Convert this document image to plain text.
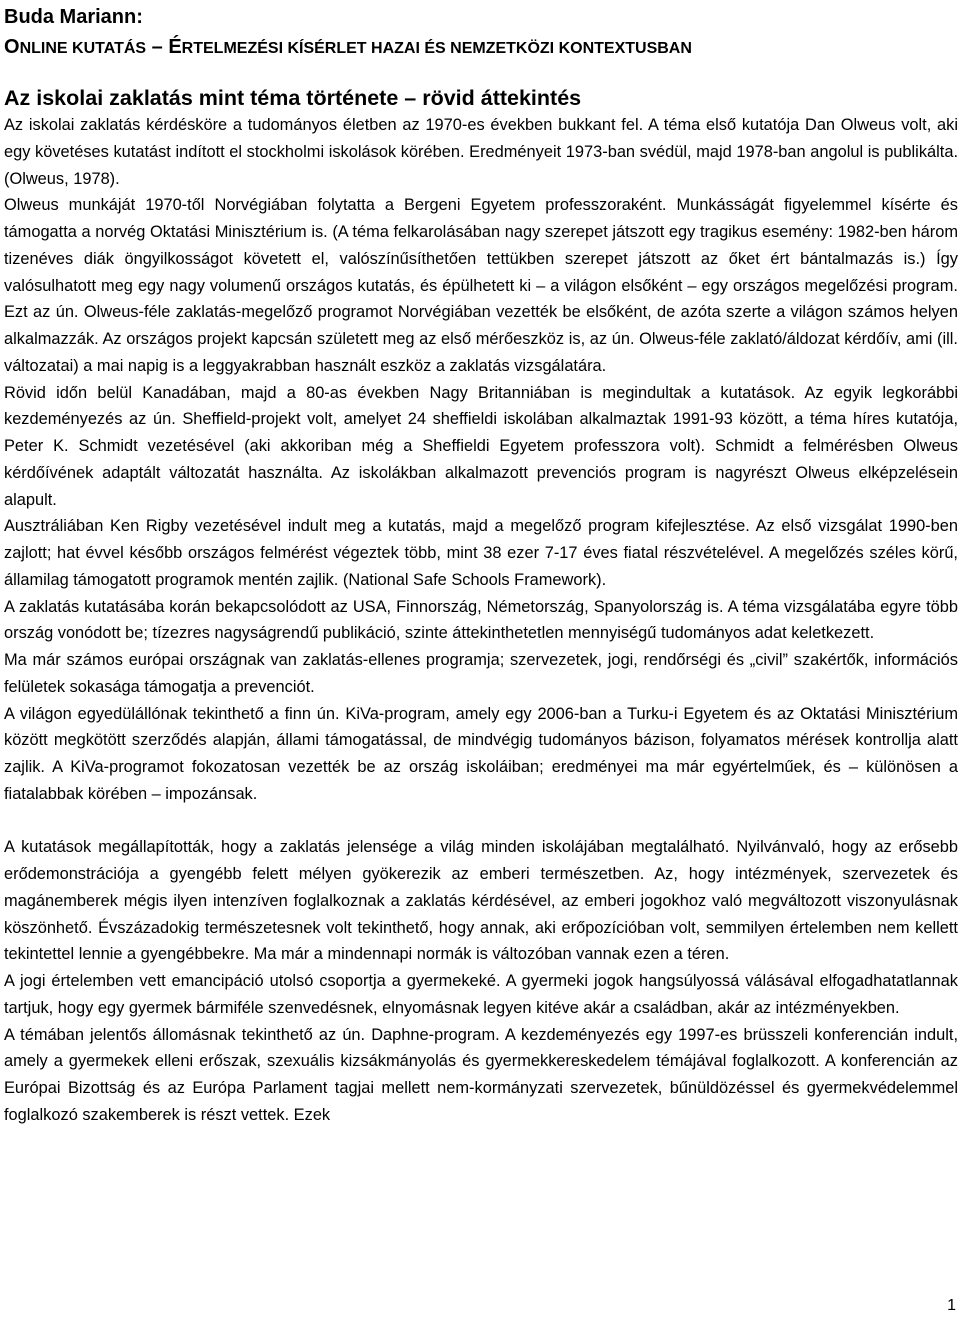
Buda Mariann:
ONLINE KUTATÁS – ÉRTELMEZÉSI KÍSÉRLET HAZAI ÉS NEMZETKÖZI KONTEXTUSBAN
Az iskolai zaklatás mint téma története – rövid áttekintés

Az iskolai zaklatás kérdésköre a tudományos életben az 1970-es években bukkant fel. A téma első kutatója Dan Olweus volt, aki egy követéses kutatást indított el stockholmi iskolások körében. Eredményeit 1973-ban svédül, majd 1978-ban angolul is publikálta. (Olweus, 1978).

Olweus munkáját 1970-től Norvégiában folytatta a Bergeni Egyetem professzoraként. Munkásságát figyelemmel kísérte és támogatta a norvég Oktatási Minisztérium is. (A téma felkarolásában nagy szerepet játszott egy tragikus esemény: 1982-ben három tizenéves diák öngyilkosságot követett el, valószínűsíthetően tettükben szerepet játszott az őket ért bántalmazás is.) Így valósulhatott meg egy nagy volumenű országos kutatás, és épülhetett ki – a világon elsőként – egy országos megelőzési program. Ezt az ún. Olweus-féle zaklatás-megelőző programot Norvégiában vezették be elsőként, de azóta szerte a világon számos helyen alkalmazzák. Az országos projekt kapcsán született meg az első mérőeszköz is, az ún. Olweus-féle zaklató/áldozat kérdőív, ami (ill. változatai) a mai napig is a leggyakrabban használt eszköz a zaklatás vizsgálatára.

Rövid időn belül Kanadában, majd a 80-as években Nagy Britanniában is megindultak a kutatások. Az egyik legkorábbi kezdeményezés az ún. Sheffield-projekt volt, amelyet 24 sheffieldi iskolában alkalmaztak 1991-93 között, a téma híres kutatója, Peter K. Schmidt vezetésével (aki akkoriban még a Sheffieldi Egyetem professzora volt). Schmidt a felmérésben Olweus kérdőívének adaptált változatát használta. Az iskolákban alkalmazott prevenciós program is nagyrészt Olweus elképzelésein alapult.

Ausztráliában Ken Rigby vezetésével indult meg a kutatás, majd a megelőző program kifejlesztése. Az első vizsgálat 1990-ben zajlott; hat évvel később országos felmérést végeztek több, mint 38 ezer 7-17 éves fiatal részvételével. A megelőzés széles körű, államilag támogatott programok mentén zajlik. (National Safe Schools Framework).

A zaklatás kutatásába korán bekapcsolódott az USA, Finnország, Németország, Spanyolország is. A téma vizsgálatába egyre több ország vonódott be; tízezres nagyságrendű publikáció, szinte áttekinthetetlen mennyiségű tudományos adat keletkezett.

Ma már számos európai országnak van zaklatás-ellenes programja; szervezetek, jogi, rendőrségi és „civil” szakértők, információs felületek sokasága támogatja a prevenciót.

A világon egyedülállónak tekinthető a finn ún. KiVa-program, amely egy 2006-ban a Turku-i Egyetem és az Oktatási Minisztérium között megkötött szerződés alapján, állami támogatással, de mindvégig tudományos bázison, folyamatos mérések kontrollja alatt zajlik. A KiVa-programot fokozatosan vezették be az ország iskoláiban; eredményei ma már egyértelműek, és – különösen a fiatalabbak körében – impozánsak.

A kutatások megállapították, hogy a zaklatás jelensége a világ minden iskolájában megtalálható. Nyilvánvaló, hogy az erősebb erődemonstrációja a gyengébb felett mélyen gyökerezik az emberi természetben. Az, hogy intézmények, szervezetek és magánemberek mégis ilyen intenzíven foglalkoznak a zaklatás kérdésével, az emberi jogokhoz való megváltozott viszonyulásnak köszönhető. Évszázadokig természetesnek volt tekinthető, hogy annak, aki erőpozícióban volt, semmilyen értelemben nem kellett tekintettel lennie a gyengébbekre. Ma már a mindennapi normák is változóban vannak ezen a téren.

A jogi értelemben vett emancipáció utolsó csoportja a gyermekeké. A gyermeki jogok hangsúlyossá válásával elfogadhatatlannak tartjuk, hogy egy gyermek bármiféle szenvedésnek, elnyomásnak legyen kitéve akár a családban, akár az intézményekben.

A témában jelentős állomásnak tekinthető az ún. Daphne-program. A kezdeményezés egy 1997-es brüsszeli konferencián indult, amely a gyermekek elleni erőszak, szexuális kizsákmányolás és gyermekkereskedelem témájával foglalkozott. A konferencián az Európai Bizottság és az Európa Parlament tagjai mellett nem-kormányzati szervezetek, bűnüldözéssel és gyermekvédelemmel foglalkozó szakemberek is részt vettek. Ezek

1
